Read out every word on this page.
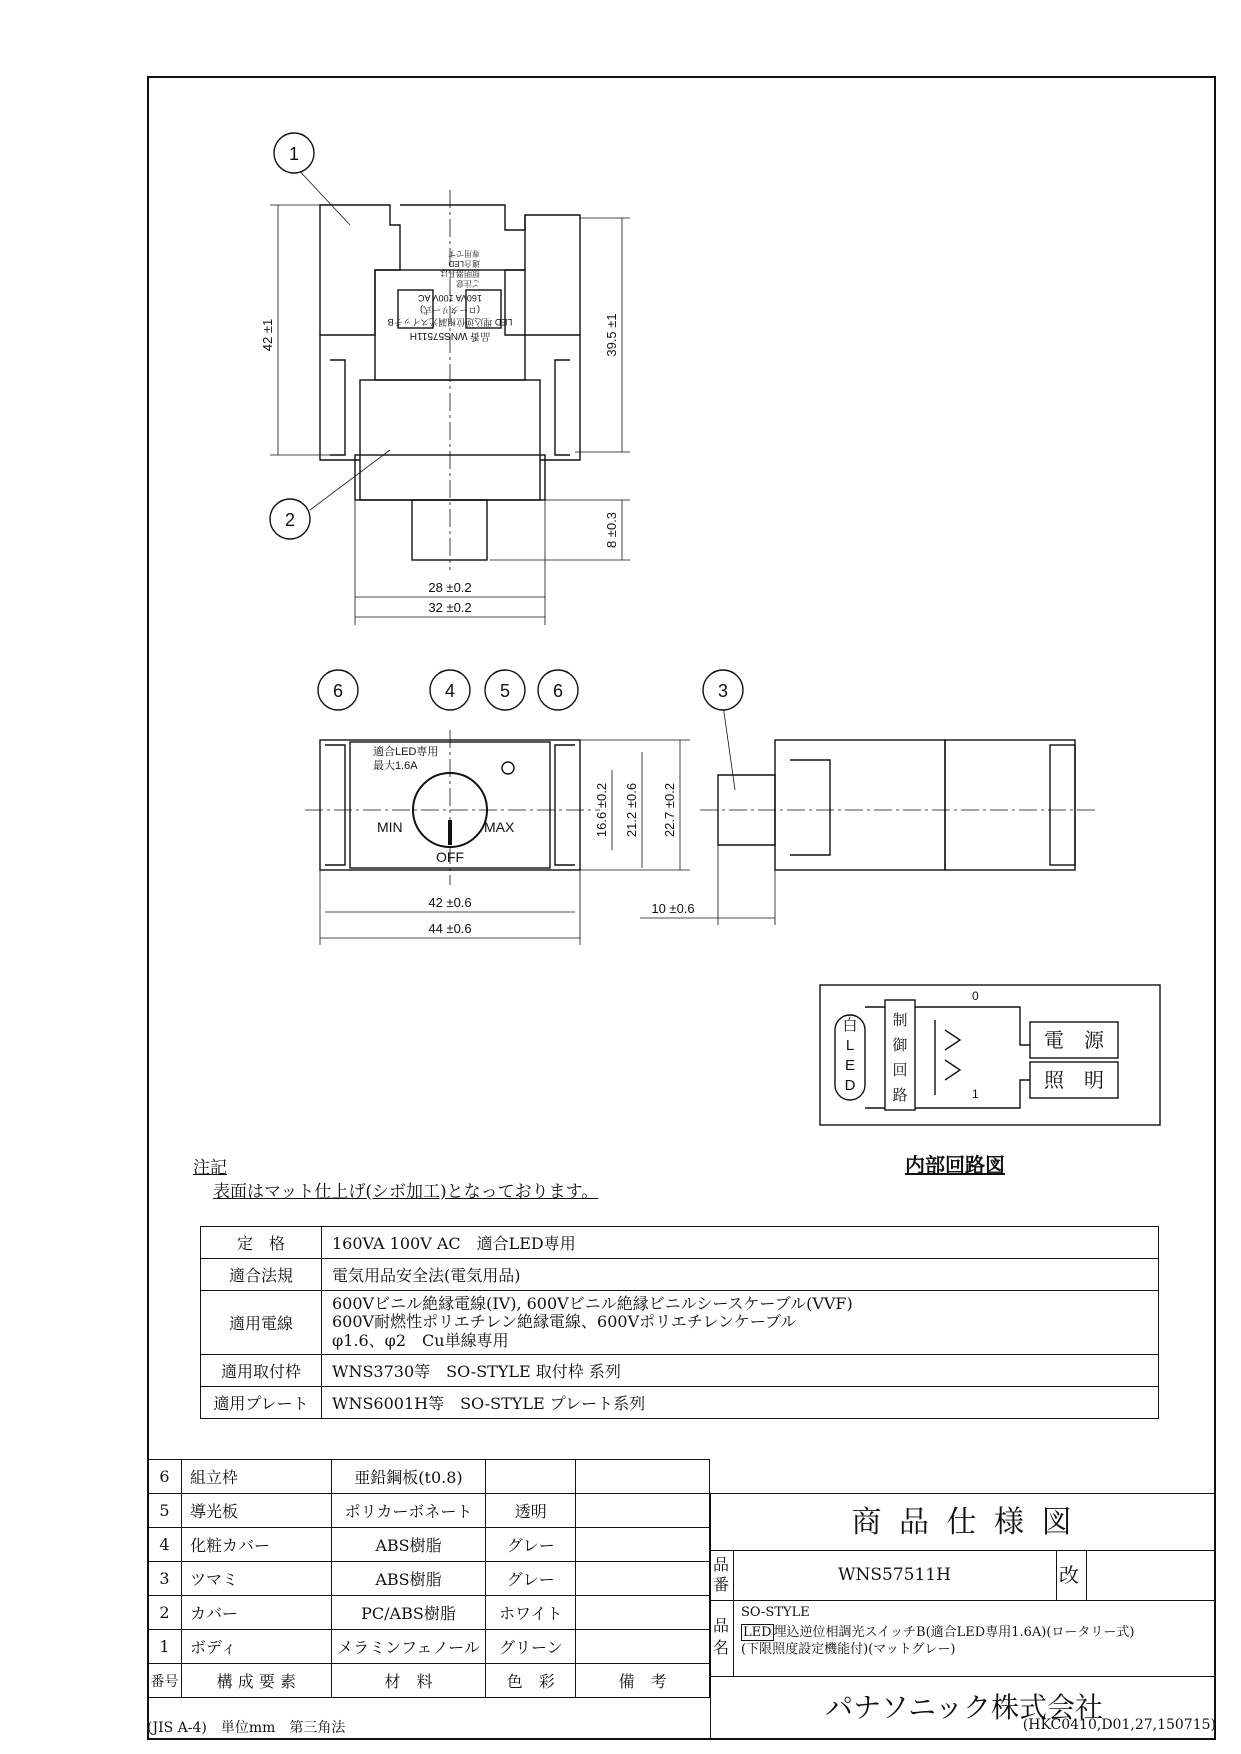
1
2
3
4 5
6	6
42 ±1	39.5 ±1
8 ±0.3
28 ±0.2
32 ±0.2
品番 WNS57511H
LED 埋込逆位相調光スイッチB
(ロータリー式)
160VA 100V AC
ご注意
照明器具は
適合LED
専用です
適合LED専用
最大1.6A
MIN	MAX
OFF
16.6 ±0.2 21.2 ±0.6 22.7 ±0.2
42 ±0.6
44 ±0.6
10 ±0.6
白
L
E
D
制
御
回
路
0
1
電　源
照　明
内部回路図
注記
表面はマット仕上げ(シボ加工)となっております。
定　格	160VA 100V AC　適合LED専用
適合法規	電気用品安全法(電気用品)
適用電線	600Vビニル絶縁電線(IV), 600Vビニル絶縁ビニルシースケーブル(VVF)
600V耐燃性ポリエチレン絶縁電線、600Vポリエチレンケーブル
φ1.6、φ2　Cu単線専用
適用取付枠	WNS3730等　SO-STYLE 取付枠 系列
適用プレート	WNS6001H等　SO-STYLE プレート系列
6	組立枠	亜鉛鋼板(t0.8)		
5	導光板	ポリカーボネート	透明	
4	化粧カバー	ABS樹脂	グレー	
3	ツマミ	ABS樹脂	グレー	
2	カバー	PC/ABS樹脂	ホワイト	
1	ボディ	メラミンフェノール	グリーン	
番号	構 成 要 素	材　料	色　彩	備　考
商 品 仕 様 図
品番	WNS57511H	改
品名
SO-STYLE
LED 埋込逆位相調光スイッチB(適合LED専用1.6A)(ロータリー式)
(下限照度設定機能付)(マットグレー)
パナソニック株式会社
(JIS A-4)　単位mm　第三角法	(HKC0410,D01,27,150715)
